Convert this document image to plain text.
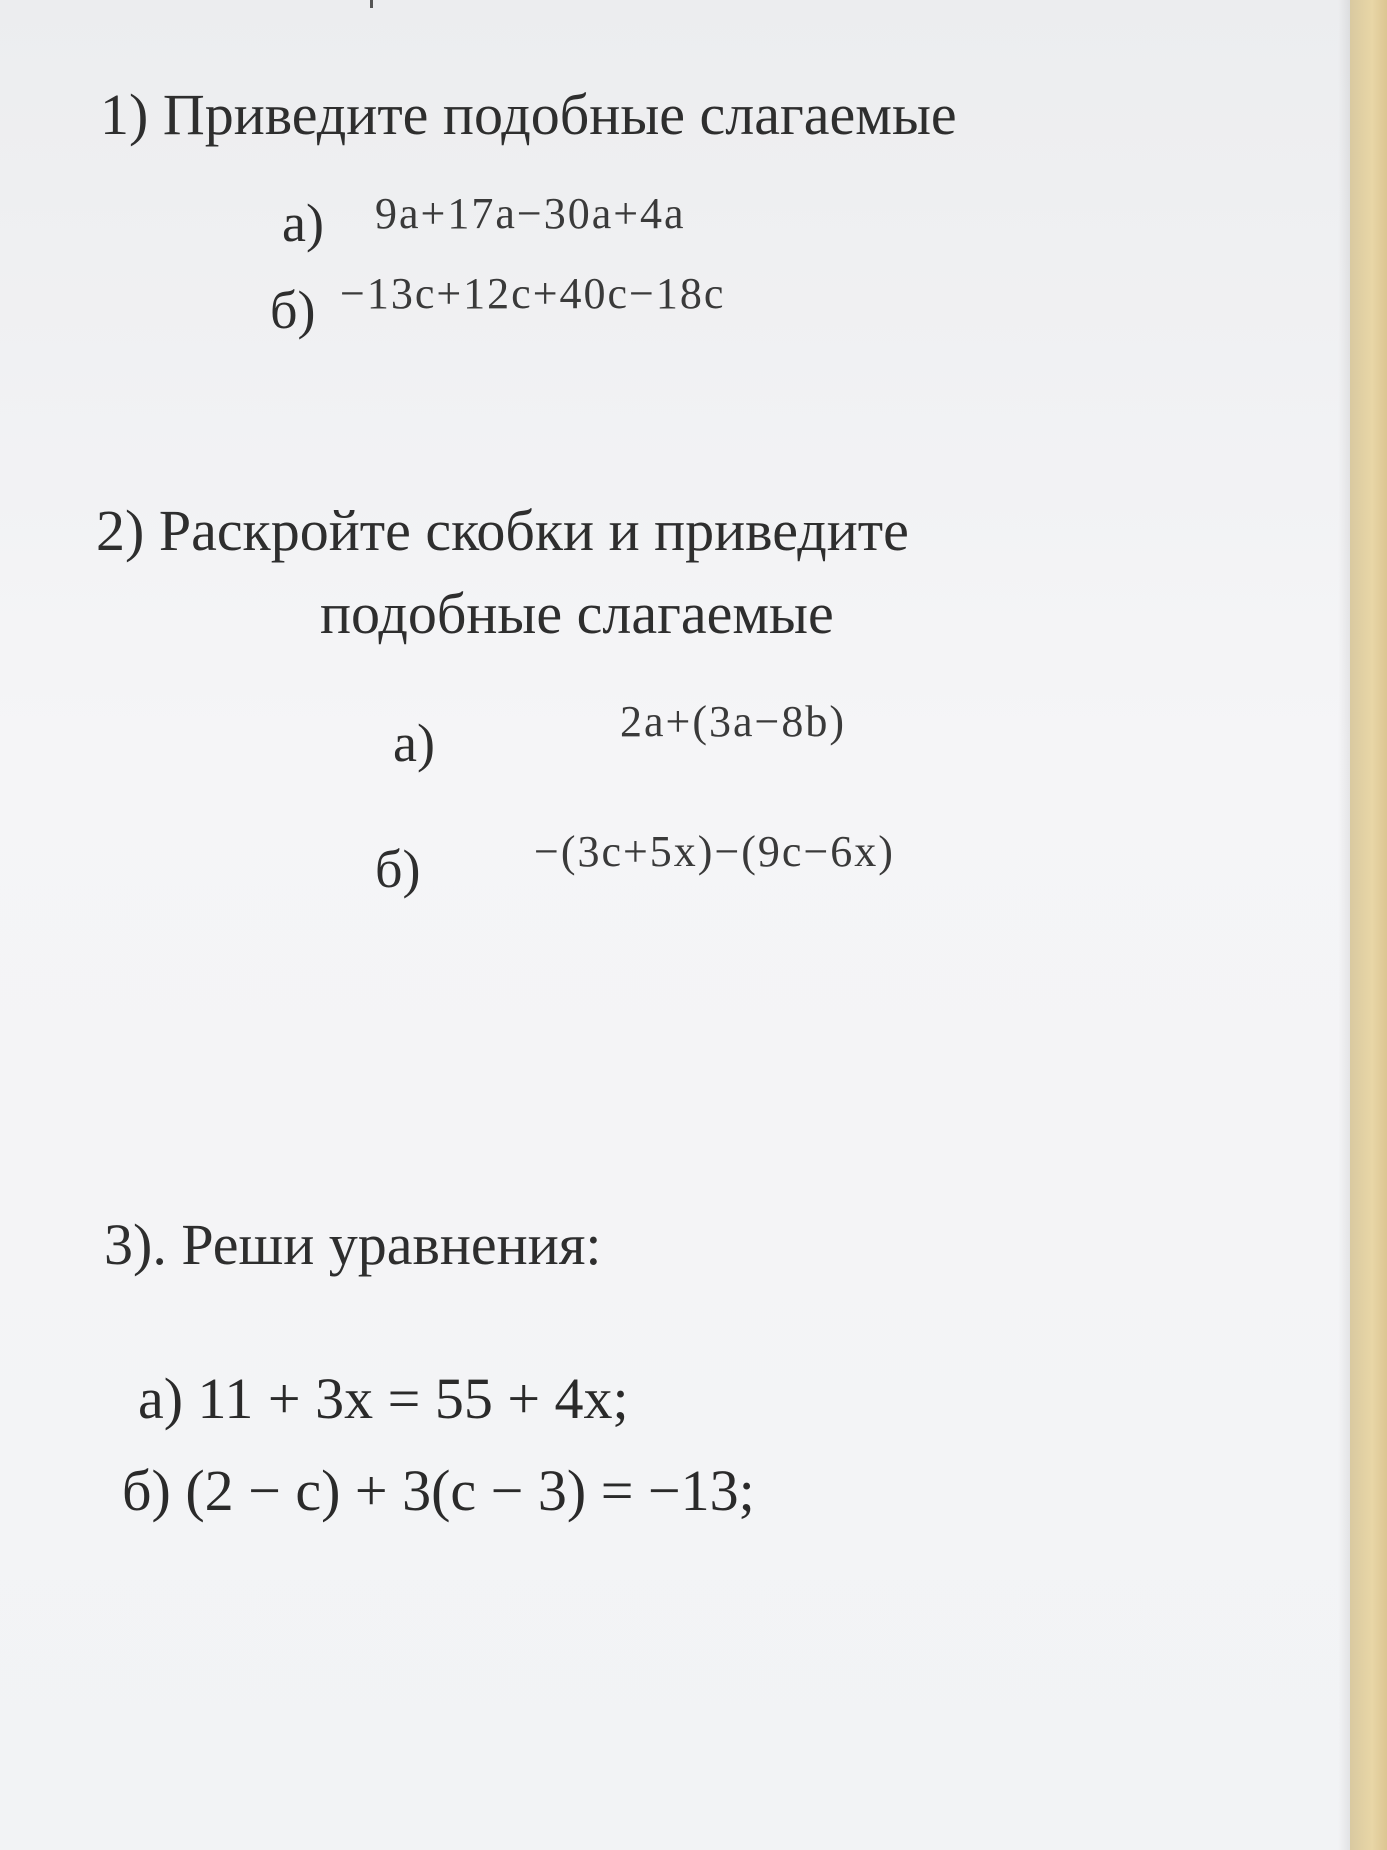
1) Приведите подобные слагаемые
а) 9a+17a−30a+4a
б) −13c+12c+40c−18c
2) Раскройте скобки и приведите
подобные слагаемые
а)	2a+(3a−8b)
б)	−(3c+5x)−(9c−6x)
3). Реши уравнения:
а) 11 + 3x = 55 + 4x;
б) (2 − c) + 3(c − 3) = −13;
